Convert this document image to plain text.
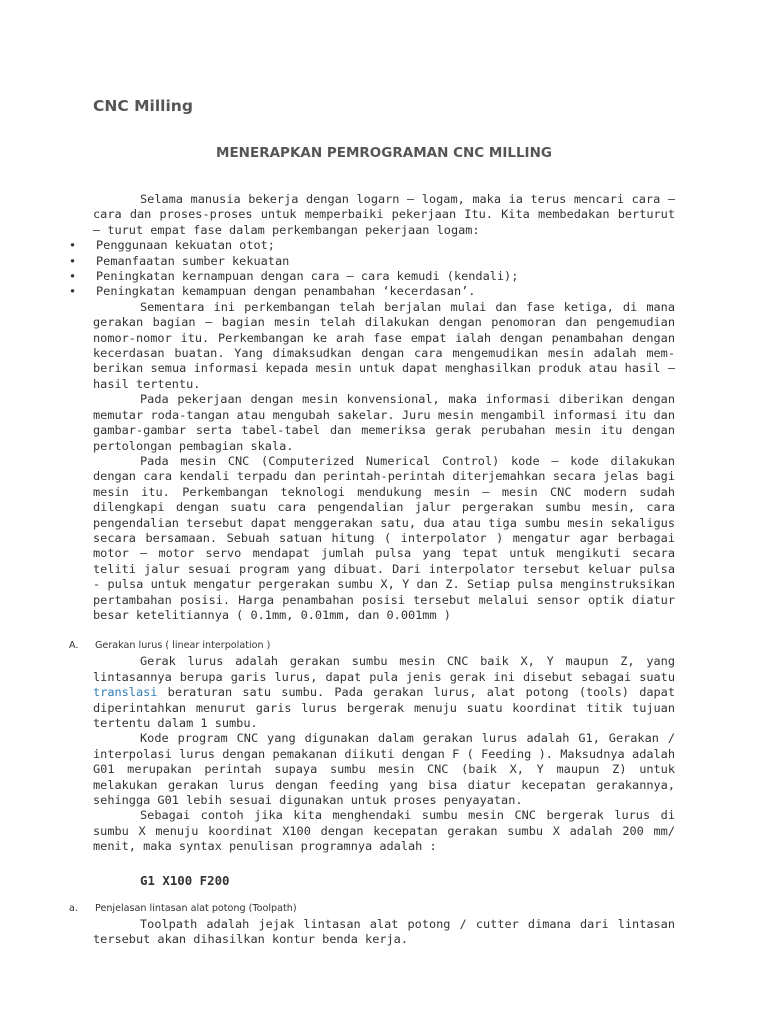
CNC Milling
MENERAPKAN PEMROGRAMAN CNC MILLING

Selama manusia bekerja dengan logarn – logam, maka ia terus mencari cara – cara dan proses-proses untuk memperbaiki pekerjaan Itu. Kita membedakan berturut – turut empat fase dalam perkembangan pekerjaan logam:

• Penggunaan kekuatan otot;
• Pemanfaatan sumber kekuatan
• Peningkatan kernampuan dengan cara – cara kemudi (kendali);
• Peningkatan kemampuan dengan penambahan ‘kecerdasan’.

Sementara ini perkembangan telah berjalan mulai dan fase ketiga, di mana gerakan bagian – bagian mesin telah dilakukan dengan penomoran dan pengemudian nomor-nomor itu. Perkembangan ke arah fase empat ialah dengan penambahan dengan kecerdasan buatan. Yang dimaksudkan dengan cara mengemudikan mesin adalah mem-berikan semua informasi kepada mesin untuk dapat menghasilkan produk atau hasil – hasil tertentu.

Pada pekerjaan dengan mesin konvensional, maka informasi diberikan dengan memutar roda-tangan atau mengubah sakelar. Juru mesin mengambil informasi itu dan gambar-gambar serta tabel-tabel dan memeriksa gerak perubahan mesin itu dengan pertolongan pembagian skala.

Pada mesin CNC (Computerized Numerical Control) kode – kode dilakukan dengan cara kendali terpadu dan perintah-perintah diterjemahkan secara jelas bagi mesin itu. Perkembangan teknologi mendukung mesin – mesin CNC modern sudah dilengkapi dengan suatu cara pengendalian jalur pergerakan sumbu mesin, cara pengendalian tersebut dapat menggerakan satu, dua atau tiga sumbu mesin sekaligus secara bersamaan. Sebuah satuan hitung ( interpolator ) mengatur agar berbagai motor – motor servo mendapat jumlah pulsa yang tepat untuk mengikuti secara teliti jalur sesuai program yang dibuat. Dari interpolator tersebut keluar pulsa - pulsa untuk mengatur pergerakan sumbu X, Y dan Z. Setiap pulsa menginstruksikan pertambahan posisi. Harga penambahan posisi tersebut melalui sensor optik diatur besar ketelitiannya ( 0.1mm, 0.01mm, dan 0.001mm )

A.	Gerakan lurus ( linear interpolation )

Gerak lurus adalah gerakan sumbu mesin CNC baik X, Y maupun Z, yang lintasannya berupa garis lurus, dapat pula jenis gerak ini disebut sebagai suatu translasi beraturan satu sumbu. Pada gerakan lurus, alat potong (tools) dapat diperintahkan menurut garis lurus bergerak menuju suatu koordinat titik tujuan tertentu dalam 1 sumbu.

Kode program CNC yang digunakan dalam gerakan lurus adalah G1, Gerakan / interpolasi lurus dengan pemakanan diikuti dengan F ( Feeding ). Maksudnya adalah G01 merupakan perintah supaya sumbu mesin CNC (baik X, Y maupun Z) untuk melakukan gerakan lurus dengan feeding yang bisa diatur kecepatan gerakannya, sehingga G01 lebih sesuai digunakan untuk proses penyayatan.

Sebagai contoh jika kita menghendaki sumbu mesin CNC bergerak lurus di sumbu X menuju koordinat X100 dengan kecepatan gerakan sumbu X adalah 200 mm/ menit, maka syntax penulisan programnya adalah :

G1 X100 F200
a.	Penjelasan lintasan alat potong (Toolpath)

Toolpath adalah jejak lintasan alat potong / cutter dimana dari lintasan tersebut akan dihasilkan kontur benda kerja.
